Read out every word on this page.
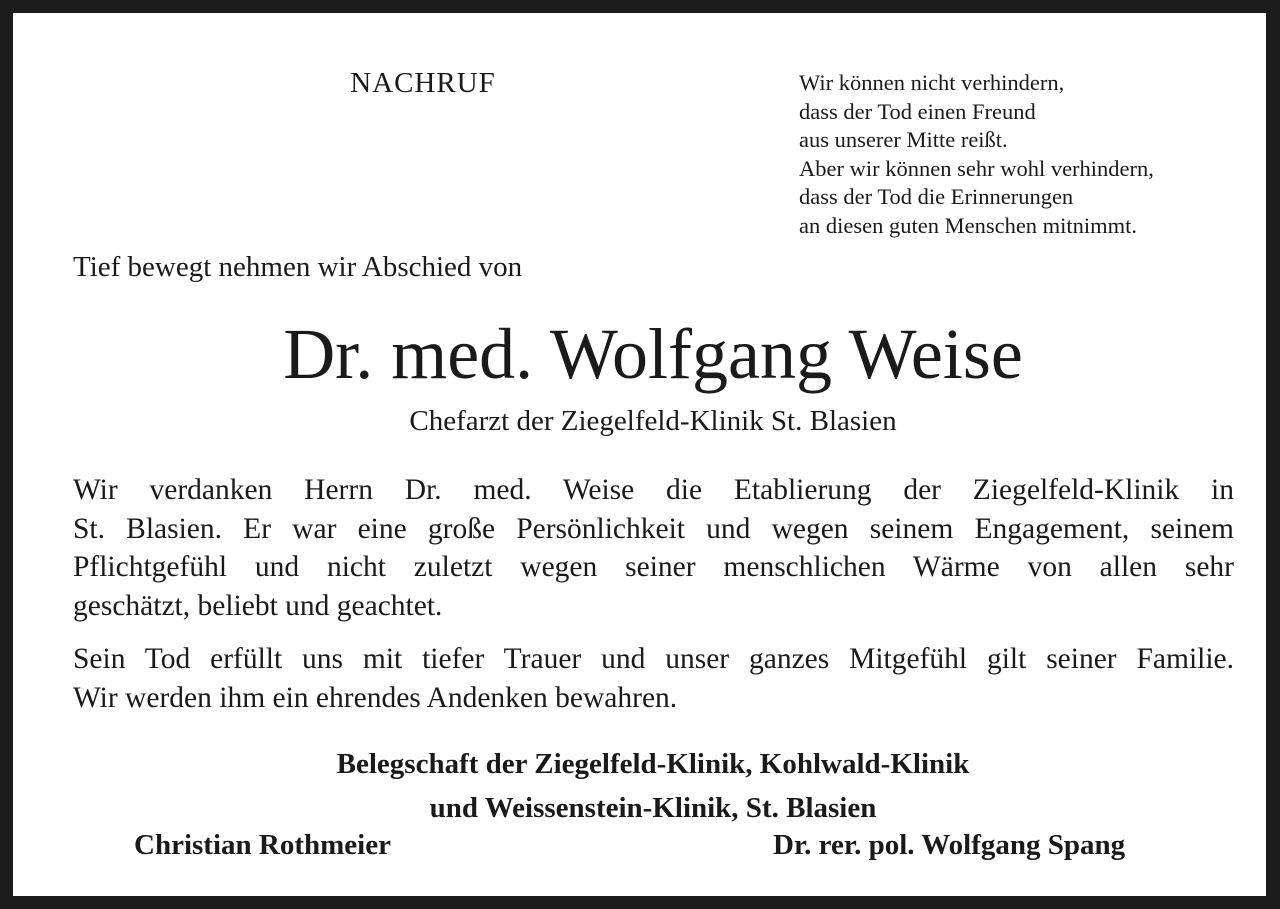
NACHRUF	Wir können nicht verhindern,
dass der Tod einen Freund
aus unserer Mitte reißt.
Aber wir können sehr wohl verhindern,
dass der Tod die Erinnerungen
an diesen guten Menschen mitnimmt.
Tief bewegt nehmen wir Abschied von
Dr. med. Wolfgang Weise
Chefarzt der Ziegelfeld-Klinik St. Blasien
Wir verdanken Herrn Dr. med. Weise die Etablierung der Ziegelfeld-Klinik in
St. Blasien. Er war eine große Persönlichkeit und wegen seinem Engagement, seinem
Pflichtgefühl und nicht zuletzt wegen seiner menschlichen Wärme von allen sehr
geschätzt, beliebt und geachtet.
Sein Tod erfüllt uns mit tiefer Trauer und unser ganzes Mitgefühl gilt seiner Familie.
Wir werden ihm ein ehrendes Andenken bewahren.
Belegschaft der Ziegelfeld-Klinik, Kohlwald-Klinik
und Weissenstein-Klinik, St. Blasien
Christian Rothmeier	Dr. rer. pol. Wolfgang Spang
